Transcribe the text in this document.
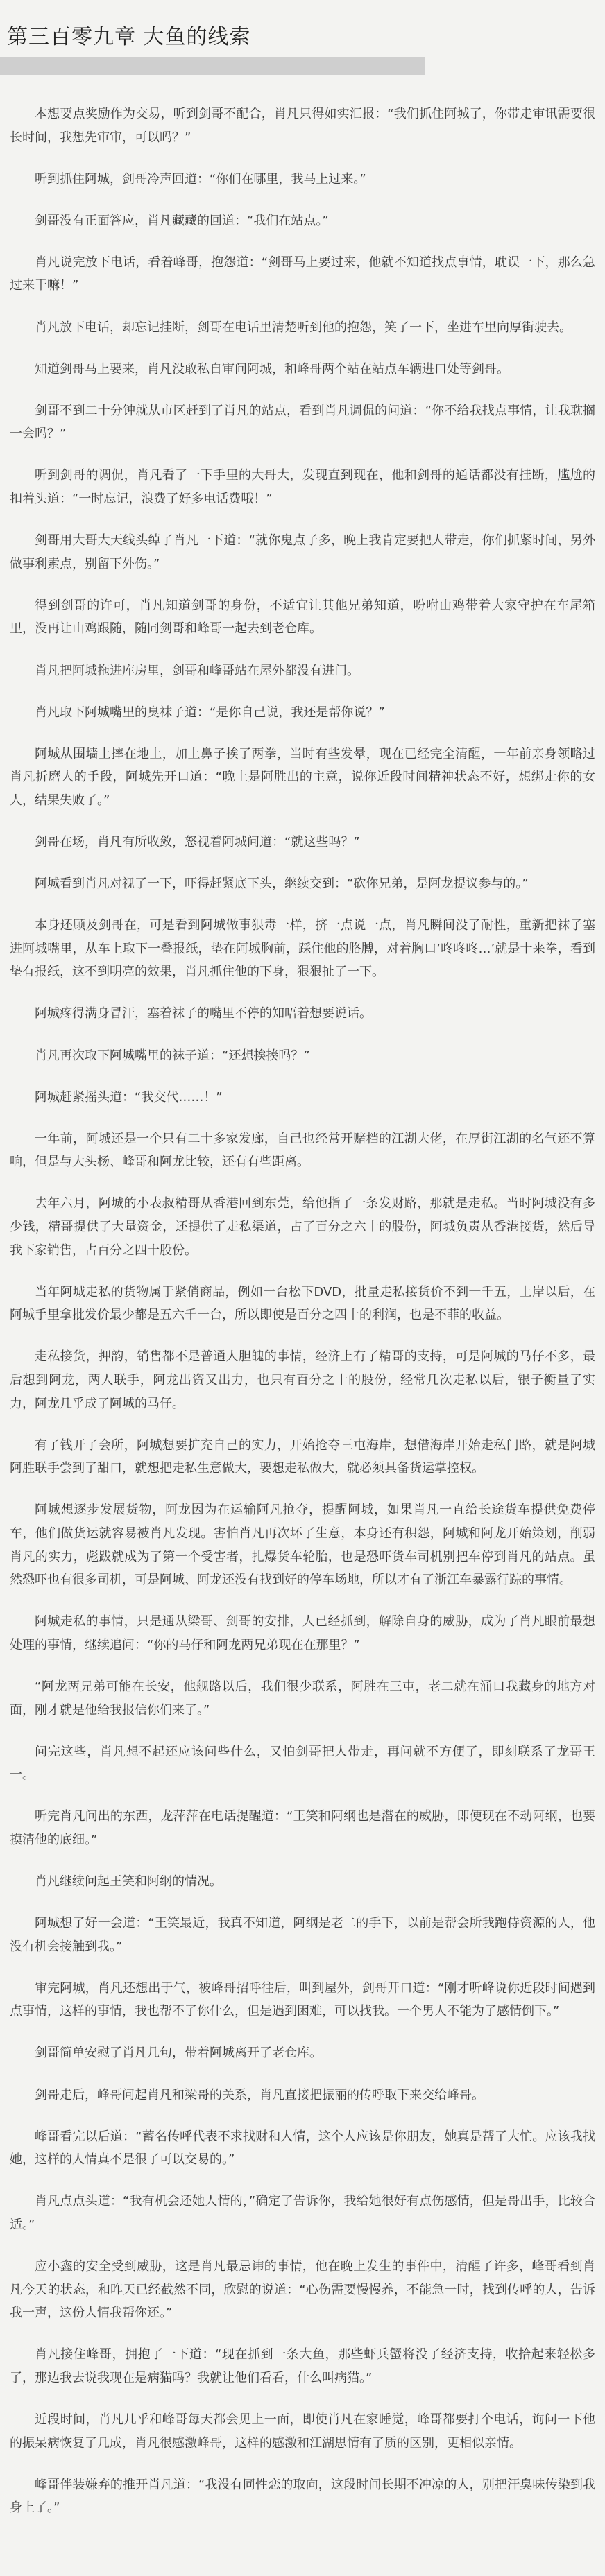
第三百零九章 大鱼的线索

本想要点奖励作为交易，听到剑哥不配合，肖凡只得如实汇报：“我们抓住阿城了，你带走审讯需要很长时间，我想先审审，可以吗？”

听到抓住阿城，剑哥冷声回道：“你们在哪里，我马上过来。”

剑哥没有正面答应，肖凡藏藏的回道：“我们在站点。”

肖凡说完放下电话，看着峰哥，抱怨道：“剑哥马上要过来，他就不知道找点事情，耽误一下，那么急过来干嘛！”

肖凡放下电话，却忘记挂断，剑哥在电话里清楚听到他的抱怨，笑了一下，坐进车里向厚街驶去。

知道剑哥马上要来，肖凡没敢私自审问阿城，和峰哥两个站在站点车辆进口处等剑哥。

剑哥不到二十分钟就从市区赶到了肖凡的站点，看到肖凡调侃的问道：“你不给我找点事情，让我耽搁一会吗？”

听到剑哥的调侃，肖凡看了一下手里的大哥大，发现直到现在，他和剑哥的通话都没有挂断，尴尬的扣着头道：“一时忘记，浪费了好多电话费哦！”

剑哥用大哥大天线头绰了肖凡一下道：“就你鬼点子多，晚上我肯定要把人带走，你们抓紧时间，另外做事利索点，别留下外伤。”

得到剑哥的许可，肖凡知道剑哥的身份，不适宜让其他兄弟知道，吩咐山鸡带着大家守护在车尾箱里，没再让山鸡跟随，随同剑哥和峰哥一起去到老仓库。

肖凡把阿城拖进库房里，剑哥和峰哥站在屋外都没有进门。

肖凡取下阿城嘴里的臭袜子道：“是你自己说，我还是帮你说？”

阿城从围墙上摔在地上，加上鼻子挨了两拳，当时有些发晕，现在已经完全清醒，一年前亲身领略过肖凡折磨人的手段，阿城先开口道：“晚上是阿胜出的主意，说你近段时间精神状态不好，想绑走你的女人，结果失败了。”

剑哥在场，肖凡有所收敛，怒视着阿城问道：“就这些吗？”

阿城看到肖凡对视了一下，吓得赶紧底下头，继续交到：“砍你兄弟，是阿龙提议参与的。”

本身还顾及剑哥在，可是看到阿城做事狠毒一样，挤一点说一点，肖凡瞬间没了耐性，重新把袜子塞进阿城嘴里，从车上取下一叠报纸，垫在阿城胸前，踩住他的胳膊，对着胸口‘咚咚咚…’就是十来拳，看到垫有报纸，这不到明亮的效果，肖凡抓住他的下身，狠狠扯了一下。

阿城疼得满身冒汗，塞着袜子的嘴里不停的知唔着想要说话。

肖凡再次取下阿城嘴里的袜子道：“还想挨揍吗？”

阿城赶紧摇头道：“我交代……！”

一年前，阿城还是一个只有二十多家发廊，自己也经常开赌档的江湖大佬，在厚街江湖的名气还不算响，但是与大头杨、峰哥和阿龙比较，还有有些距离。

去年六月，阿城的小表叔精哥从香港回到东莞，给他指了一条发财路，那就是走私。当时阿城没有多少钱，精哥提供了大量资金，还提供了走私渠道，占了百分之六十的股份，阿城负责从香港接货，然后导我下家销售，占百分之四十股份。

当年阿城走私的货物属于紧俏商品，例如一台松下DVD，批量走私接货价不到一千五，上岸以后，在阿城手里拿批发价最少都是五六千一台，所以即使是百分之四十的利润，也是不菲的收益。

走私接货，押韵，销售都不是普通人胆魄的事情，经济上有了精哥的支持，可是阿城的马仔不多，最后想到阿龙，两人联手，阿龙出资又出力，也只有百分之十的股份，经常几次走私以后，银子衡量了实力，阿龙几乎成了阿城的马仔。

有了钱开了会所，阿城想要扩充自己的实力，开始抢夺三屯海岸，想借海岸开始走私门路，就是阿城阿胜联手尝到了甜口，就想把走私生意做大，要想走私做大，就必须具备货运掌控权。

阿城想逐步发展货物，阿龙因为在运输阿凡抢夺，提醒阿城，如果肖凡一直给长途货车提供免费停车，他们做货运就容易被肖凡发现。害怕肖凡再次坏了生意，本身还有积怨，阿城和阿龙开始策划，削弱肖凡的实力，彪跋就成为了第一个受害者，扎爆货车轮胎，也是恐吓货车司机别把车停到肖凡的站点。虽然恐吓也有很多司机，可是阿城、阿龙还没有找到好的停车场地，所以才有了浙江车暴露行踪的事情。

阿城走私的事情，只是通从梁哥、剑哥的安排，人已经抓到，解除自身的威胁，成为了肖凡眼前最想处理的事情，继续追问：“你的马仔和阿龙两兄弟现在在那里？”

“阿龙两兄弟可能在长安，他舰路以后，我们很少联系，阿胜在三屯，老二就在涌口我藏身的地方对面，刚才就是他给我报信你们来了。”

问完这些，肖凡想不起还应该问些什么，又怕剑哥把人带走，再问就不方便了，即刻联系了龙哥王一。

听完肖凡问出的东西，龙萍萍在电话提醒道：“王笑和阿纲也是潜在的威胁，即便现在不动阿纲，也要摸清他的底细。”

肖凡继续问起王笑和阿纲的情况。

阿城想了好一会道：“王笑最近，我真不知道，阿纲是老二的手下，以前是帮会所我跑侍资源的人，他没有机会接触到我。”

审完阿城，肖凡还想出于气，被峰哥招呼往后，叫到屋外，剑哥开口道：“刚才听峰说你近段时间遇到点事情，这样的事情，我也帮不了你什么，但是遇到困难，可以找我。一个男人不能为了感情倒下。”

剑哥简单安慰了肖凡几句，带着阿城离开了老仓库。

剑哥走后，峰哥问起肖凡和梁哥的关系，肖凡直接把振丽的传呼取下来交给峰哥。

峰哥看完以后道：“蓄名传呼代表不求找财和人情，这个人应该是你朋友，她真是帮了大忙。应该我找她，这样的人情真不是很了可以交易的。”

肖凡点点头道：“我有机会还她人情的，”确定了告诉你，我给她很好有点伤感情，但是哥出手，比较合适。”

应小鑫的安全受到威胁，这是肖凡最忌讳的事情，他在晚上发生的事件中，清醒了许多，峰哥看到肖凡今天的状态，和昨天已经截然不同，欣慰的说道：“心伤需要慢慢养，不能急一时，找到传呼的人，告诉我一声，这份人情我帮你还。”

肖凡接住峰哥，拥抱了一下道：“现在抓到一条大鱼，那些虾兵蟹将没了经济支持，收拾起来轻松多了，那边我去说我现在是病猫吗？我就让他们看看，什么叫病猫。”

近段时间，肖凡几乎和峰哥每天都会见上一面，即使肖凡在家睡觉，峰哥都要打个电话，询问一下他的振呆病恢复了几成，肖凡很感激峰哥，这样的感激和江湖思情有了质的区别，更相似亲情。

峰哥伴装嫌弃的推开肖凡道：“我没有同性恋的取向，这段时间长期不冲凉的人，别把汗臭味传染到我身上了。”
